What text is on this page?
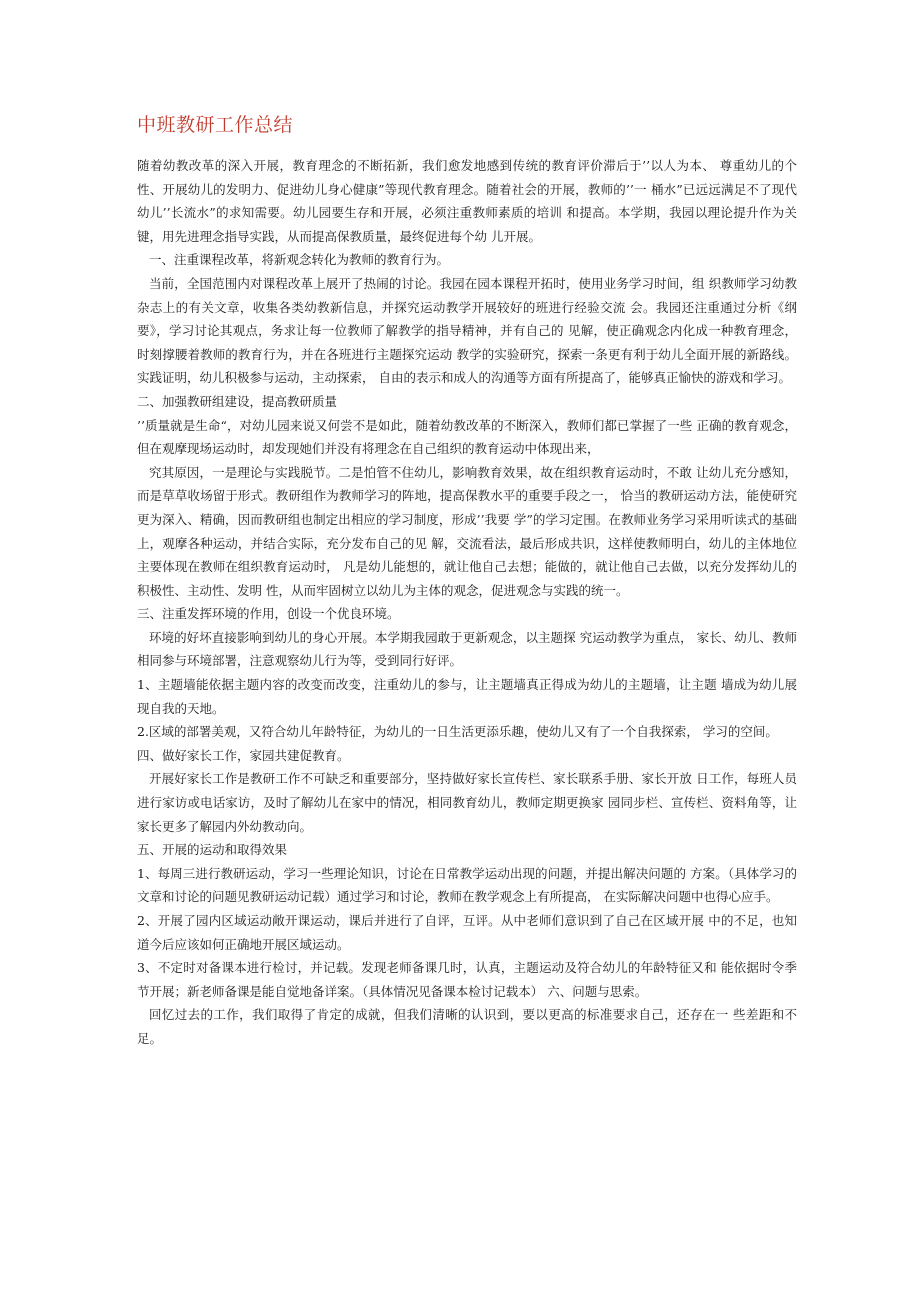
中班教研工作总结

随着幼教改革的深入开展，教育理念的不断拓新，我们愈发地感到传统的教育评价滞后于’’以人为本、 尊重幼儿的个性、开展幼儿的发明力、促进幼儿身心健康”等现代教育理念。随着社会的开展，教师的’’一 桶水”已远远满足不了现代幼儿’’长流水”的求知需要。幼儿园要生存和开展，必须注重教师素质的培训 和提高。本学期，我园以理论提升作为关键，用先进理念指导实践，从而提高保教质量，最终促进每个幼 儿开展。

一、注重课程改革，将新观念转化为教师的教育行为。

当前，全国范围内对课程改革上展开了热闹的讨论。我园在园本课程开拓时，使用业务学习时间，组 织教师学习幼教杂志上的有关文章，收集各类幼教新信息，并探究运动教学开展较好的班进行经验交流 会。我园还注重通过分析《纲要》，学习讨论其观点，务求让每一位教师了解教学的指导精神，并有自己的 见解，使正确观念内化成一种教育理念，时刻撑腰着教师的教育行为，并在各班进行主题探究运动 教学的实验研究，探索一条更有利于幼儿全面开展的新路线。实践证明，幼儿积极参与运动，主动探索， 自由的表示和成人的沟通等方面有所提高了，能够真正愉快的游戏和学习。

二、加强教研组建设，提高教研质量

’’质量就是生命“，对幼儿园来说又何尝不是如此，随着幼教改革的不断深入，教师们都已掌握了一些 正确的教育观念，但在观摩现场运动时，却发现她们并没有将理念在自己组织的教育运动中体现出来，

究其原因，一是理论与实践脱节。二是怕管不住幼儿，影响教育效果，故在组织教育运动时，不敢 让幼儿充分感知，而是草草收场留于形式。教研组作为教师学习的阵地，提高保教水平的重要手段之一， 恰当的教研运动方法，能使研究更为深入、精确，因而教研组也制定出相应的学习制度，形成’’我要 学”的学习定围。在教师业务学习采用听读式的基础上，观摩各种运动，并结合实际，充分发布自己的见 解，交流看法，最后形成共识，这样使教师明白，幼儿的主体地位主要体现在教师在组织教育运动时， 凡是幼儿能想的，就让他自己去想；能做的，就让他自己去做，以充分发挥幼儿的积极性、主动性、发明 性，从而牢固树立以幼儿为主体的观念，促进观念与实践的统一。

三、注重发挥环境的作用，创设一个优良环境。

环境的好坏直接影响到幼儿的身心开展。本学期我园敢于更新观念，以主题探 究运动教学为重点， 家长、幼儿、教师相同参与环境部署，注意观察幼儿行为等，受到同行好评。

1、主题墙能依据主题内容的改变而改变，注重幼儿的参与，让主题墙真正得成为幼儿的主题墙，让主题 墙成为幼儿展现自我的天地。

2.区域的部署美观，又符合幼儿年龄特征，为幼儿的一日生活更添乐趣，使幼儿又有了一个自我探索， 学习的空间。

四、做好家长工作，家园共建促教育。

开展好家长工作是教研工作不可缺乏和重要部分，坚持做好家长宣传栏、家长联系手册、家长开放 日工作，每班人员进行家访或电话家访，及时了解幼儿在家中的情况，相同教育幼儿，教师定期更换家 园同步栏、宣传栏、资料角等，让家长更多了解园内外幼教动向。

五、开展的运动和取得效果

1、每周三进行教研运动，学习一些理论知识，讨论在日常教学运动出现的问题，并提出解决问题的 方案。（具体学习的文章和讨论的问题见教研运动记载）通过学习和讨论，教师在教学观念上有所提高， 在实际解决问题中也得心应手。

2、开展了园内区域运动敞开课运动，课后并进行了自评，互评。从中老师们意识到了自己在区域开展 中的不足，也知道今后应该如何正确地开展区域运动。

3、不定时对备课本进行检讨，并记载。发现老师备课几时，认真，主题运动及符合幼儿的年龄特征又和 能依据时令季节开展；新老师备课是能自觉地备详案。（具体情况见备课本检讨记载本） 六、问题与思索。

回忆过去的工作，我们取得了肯定的成就，但我们清晰的认识到，要以更高的标准要求自己，还存在一 些差距和不足。
